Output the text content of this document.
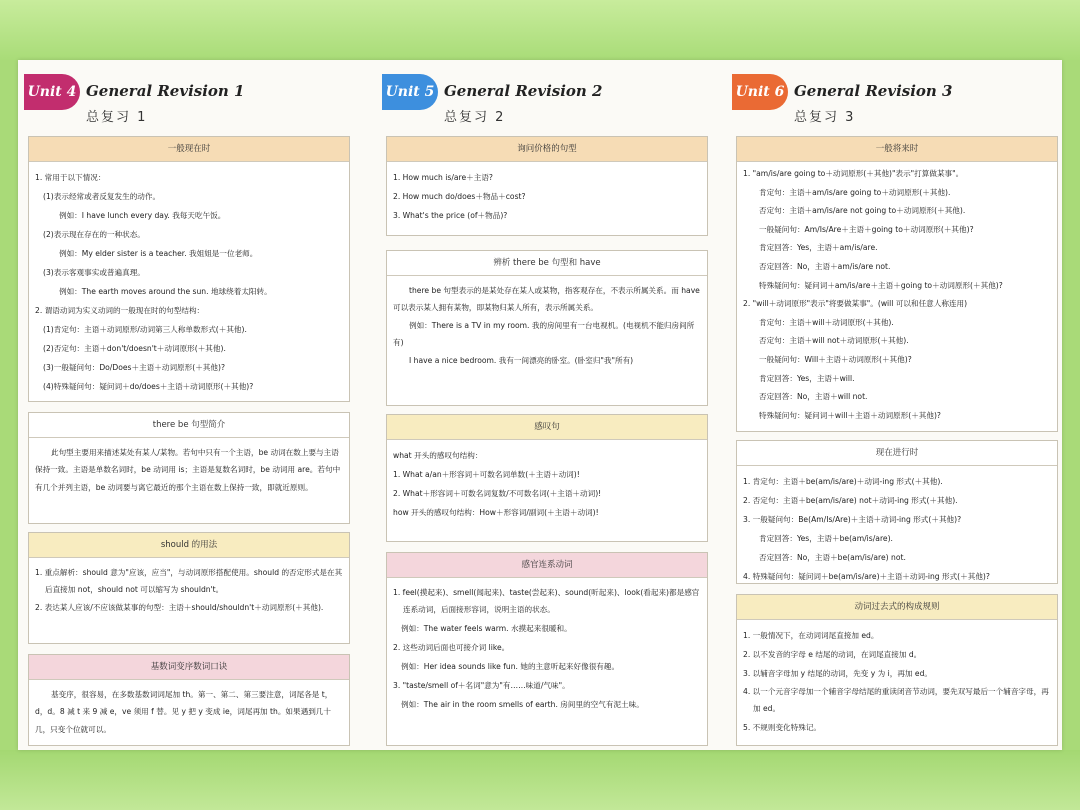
Unit 4 General Revision 1
总复习 1
一般现在时
1. 常用于以下情况：
(1)表示经常或者反复发生的动作。
例如：I have lunch every day. 我每天吃午饭。
(2)表示现在存在的一种状态。
例如：My elder sister is a teacher. 我姐姐是一位老师。
(3)表示客观事实或普遍真理。
例如：The earth moves around the sun. 地球绕着太阳转。
2. 谓语动词为实义动词的一般现在时的句型结构：
(1)肯定句：主语＋动词原形/动词第三人称单数形式(＋其他).
(2)否定句：主语＋don't/doesn't＋动词原形(＋其他).
(3)一般疑问句：Do/Does＋主语＋动词原形(＋其他)?
(4)特殊疑问句：疑问词＋do/does＋主语＋动词原形(＋其他)?
there be 句型简介
此句型主要用来描述某处有某人/某物。若句中只有一个主语，be 动词在数上要与主语保持一致。主语是单数名词时，be 动词用 is；主语是复数名词时，be 动词用 are。若句中有几个并列主语，be 动词要与离它最近的那个主语在数上保持一致，即就近原则。
should 的用法
1. 重点解析：should 意为"应该，应当"，与动词原形搭配使用。should 的否定形式是在其后直接加 not，should not 可以缩写为 shouldn't。
2. 表达某人应该/不应该做某事的句型：主语＋should/shouldn't＋动词原形(＋其他).
基数词变序数词口诀
基变序，很容易，在多数基数词词尾加 th。第一、第二、第三要注意，词尾各是 t，d，d。8 减 t 来 9 减 e，ve 须用 f 替。见 y 把 y 变成 ie，词尾再加 th。如果遇到几十几，只变个位就可以。
Unit 5 General Revision 2
总复习 2
询问价格的句型
1. How much is/are＋主语?
2. How much do/does＋物品＋cost?
3. What's the price (of＋物品)?
辨析 there be 句型和 have
there be 句型表示的是某处存在某人或某物，指客观存在，不表示所属关系。而 have 可以表示某人拥有某物，即某物归某人所有，表示所属关系。
例如：There is a TV in my room. 我的房间里有一台电视机。(电视机不能归房间所有)
I have a nice bedroom. 我有一间漂亮的卧室。(卧室归"我"所有)
感叹句
what 开头的感叹句结构：
1. What a/an＋形容词＋可数名词单数(＋主语＋动词)!
2. What＋形容词＋可数名词复数/不可数名词(＋主语＋动词)!
how 开头的感叹句结构：How＋形容词/副词(＋主语＋动词)!
感官连系动词
1. feel(摸起来)、smell(闻起来)、taste(尝起来)、sound(听起来)、look(看起来)都是感官连系动词，后面接形容词，说明主语的状态。
例如：The water feels warm. 水摸起来很暖和。
2. 这些动词后面也可接介词 like。
例如：Her idea sounds like fun. 她的主意听起来好像很有趣。
3. "taste/smell of＋名词"意为"有……味道/气味"。
例如：The air in the room smells of earth. 房间里的空气有泥土味。
Unit 6 General Revision 3
总复习 3
一般将来时
1. "am/is/are going to＋动词原形(＋其他)"表示"打算做某事"。
肯定句：主语＋am/is/are going to＋动词原形(＋其他).
否定句：主语＋am/is/are not going to＋动词原形(＋其他).
一般疑问句：Am/Is/Are＋主语＋going to＋动词原形(＋其他)?
肯定回答：Yes，主语＋am/is/are.
否定回答：No，主语＋am/is/are not.
特殊疑问句：疑问词＋am/is/are＋主语＋going to＋动词原形(＋其他)?
2. "will＋动词原形"表示"将要做某事"。(will 可以和任意人称连用)
肯定句：主语＋will＋动词原形(＋其他).
否定句：主语＋will not＋动词原形(＋其他).
一般疑问句：Will＋主语＋动词原形(＋其他)?
肯定回答：Yes，主语＋will.
否定回答：No，主语＋will not.
特殊疑问句：疑问词＋will＋主语＋动词原形(＋其他)?
现在进行时
1. 肯定句：主语＋be(am/is/are)＋动词-ing 形式(＋其他).
2. 否定句：主语＋be(am/is/are) not＋动词-ing 形式(＋其他).
3. 一般疑问句：Be(Am/Is/Are)＋主语＋动词-ing 形式(＋其他)?
肯定回答：Yes，主语＋be(am/is/are).
否定回答：No，主语＋be(am/is/are) not.
4. 特殊疑问句：疑问词＋be(am/is/are)＋主语＋动词-ing 形式(＋其他)?
动词过去式的构成规则
1. 一般情况下，在动词词尾直接加 ed。
2. 以不发音的字母 e 结尾的动词，在词尾直接加 d。
3. 以辅音字母加 y 结尾的动词，先变 y 为 i，再加 ed。
4. 以一个元音字母加一个辅音字母结尾的重读闭音节动词，要先双写最后一个辅音字母，再加 ed。
5. 不规则变化特殊记。
